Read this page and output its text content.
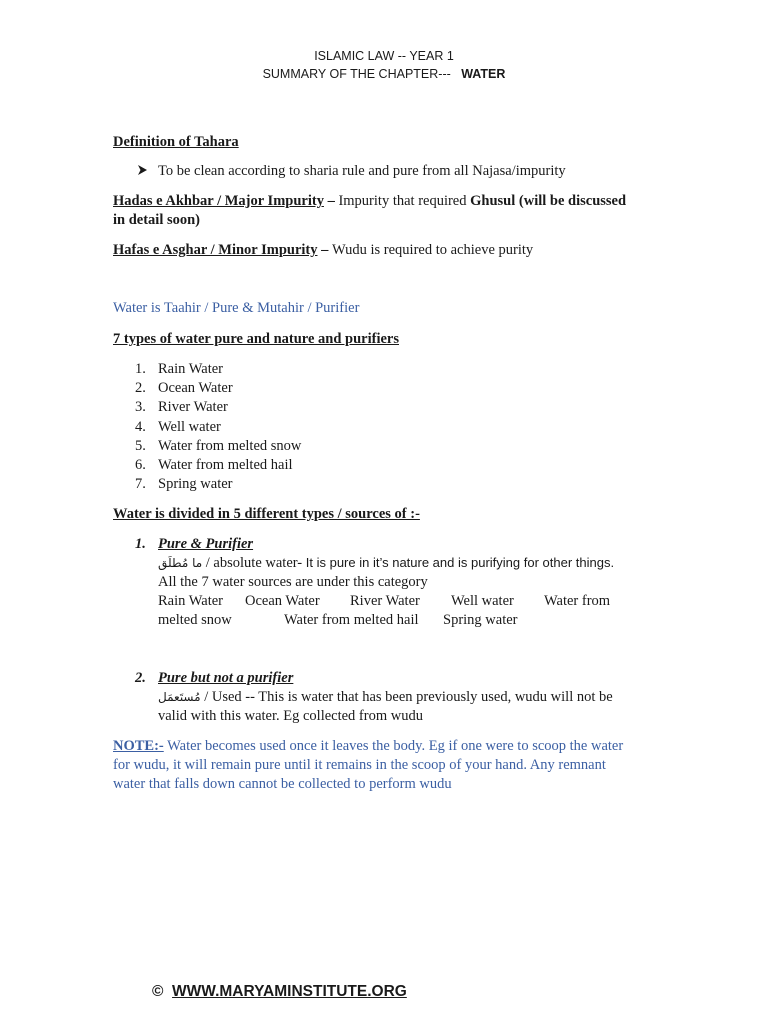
ISLAMIC LAW -- YEAR 1
SUMMARY OF THE CHAPTER--- WATER
Definition of Tahara
To be clean according to sharia rule and pure from all Najasa/impurity
Hadas e Akhbar / Major Impurity – Impurity that required Ghusul (will be discussed
in detail soon)
Hafas e Asghar / Minor Impurity – Wudu is required to achieve purity
Water is Taahir / Pure & Mutahir / Purifier
7 types of water pure and nature and purifiers
1. Rain Water
2. Ocean Water
3. River Water
4. Well water
5. Water from melted snow
6. Water from melted hail
7. Spring water
Water is divided in 5 different types / sources of :-
1. Pure & Purifier
ما مُطلَق / absolute water- It is pure in it’s nature and is purifying for other things.
All the 7 water sources are under this category
Rain Water Ocean Water River Water Well water Water from
melted snow	Water from melted hail Spring water
2. Pure but not a purifier
مُستَعمَل / Used -- This is water that has been previously used, wudu will not be
valid with this water. Eg collected from wudu
NOTE:- Water becomes used once it leaves the body. Eg if one were to scoop the water
for wudu, it will remain pure until it remains in the scoop of your hand. Any remnant
water that falls down cannot be collected to perform wudu
© WWW.MARYAMINSTITUTE.ORG
